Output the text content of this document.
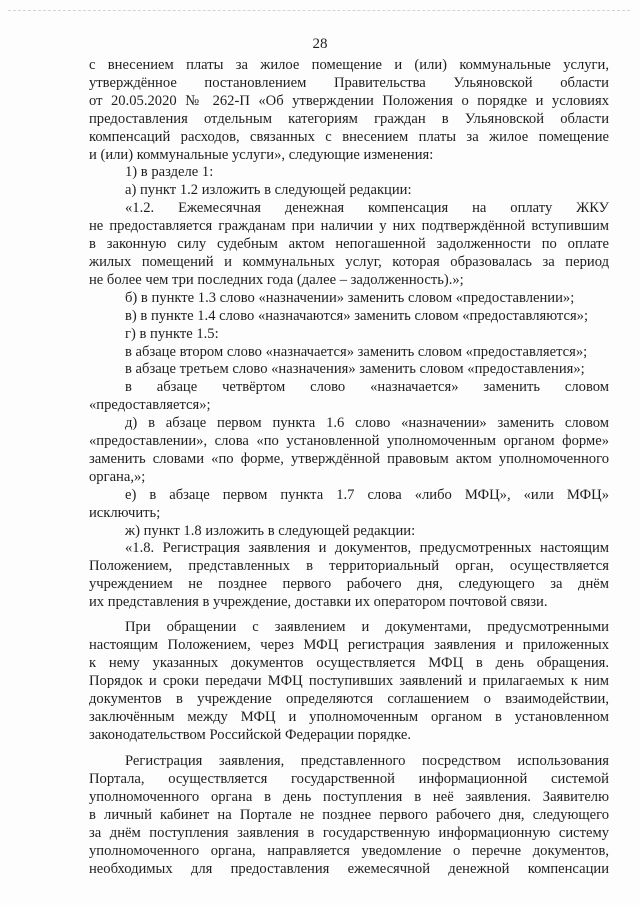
28
с внесением платы за жилое помещение и (или) коммунальные услуги,
утверждённое постановлением Правительства Ульяновской области
от 20.05.2020 № 262-П «Об утверждении Положения о порядке и условиях
предоставления отдельным категориям граждан в Ульяновской области
компенсаций расходов, связанных с внесением платы за жилое помещение
и (или) коммунальные услуги», следующие изменения:
1) в разделе 1:
а) пункт 1.2 изложить в следующей редакции:
«1.2. Ежемесячная денежная компенсация на оплату ЖКУ
не предоставляется гражданам при наличии у них подтверждённой вступившим
в законную силу судебным актом непогашенной задолженности по оплате
жилых помещений и коммунальных услуг, которая образовалась за период
не более чем три последних года (далее – задолженность).»;
б) в пункте 1.3 слово «назначении» заменить словом «предоставлении»;
в) в пункте 1.4 слово «назначаются» заменить словом «предоставляются»;
г) в пункте 1.5:
в абзаце втором слово «назначается» заменить словом «предоставляется»;
в абзаце третьем слово «назначения» заменить словом «предоставления»;
в абзаце четвёртом слово «назначается» заменить словом
«предоставляется»;
д) в абзаце первом пункта 1.6 слово «назначении» заменить словом
«предоставлении», слова «по установленной уполномоченным органом форме»
заменить словами «по форме, утверждённой правовым актом уполномоченного
органа,»;
е) в абзаце первом пункта 1.7 слова «либо МФЦ», «или МФЦ»
исключить;
ж) пункт 1.8 изложить в следующей редакции:
«1.8. Регистрация заявления и документов, предусмотренных настоящим
Положением, представленных в территориальный орган, осуществляется
учреждением не позднее первого рабочего дня, следующего за днём
их представления в учреждение, доставки их оператором почтовой связи.
При обращении с заявлением и документами, предусмотренными
настоящим Положением, через МФЦ регистрация заявления и приложенных
к нему указанных документов осуществляется МФЦ в день обращения.
Порядок и сроки передачи МФЦ поступивших заявлений и прилагаемых к ним
документов в учреждение определяются соглашением о взаимодействии,
заключённым между МФЦ и уполномоченным органом в установленном
законодательством Российской Федерации порядке.
Регистрация заявления, представленного посредством использования
Портала, осуществляется государственной информационной системой
уполномоченного органа в день поступления в неё заявления. Заявителю
в личный кабинет на Портале не позднее первого рабочего дня, следующего
за днём поступления заявления в государственную информационную систему
уполномоченного органа, направляется уведомление о перечне документов,
необходимых для предоставления ежемесячной денежной компенсации
